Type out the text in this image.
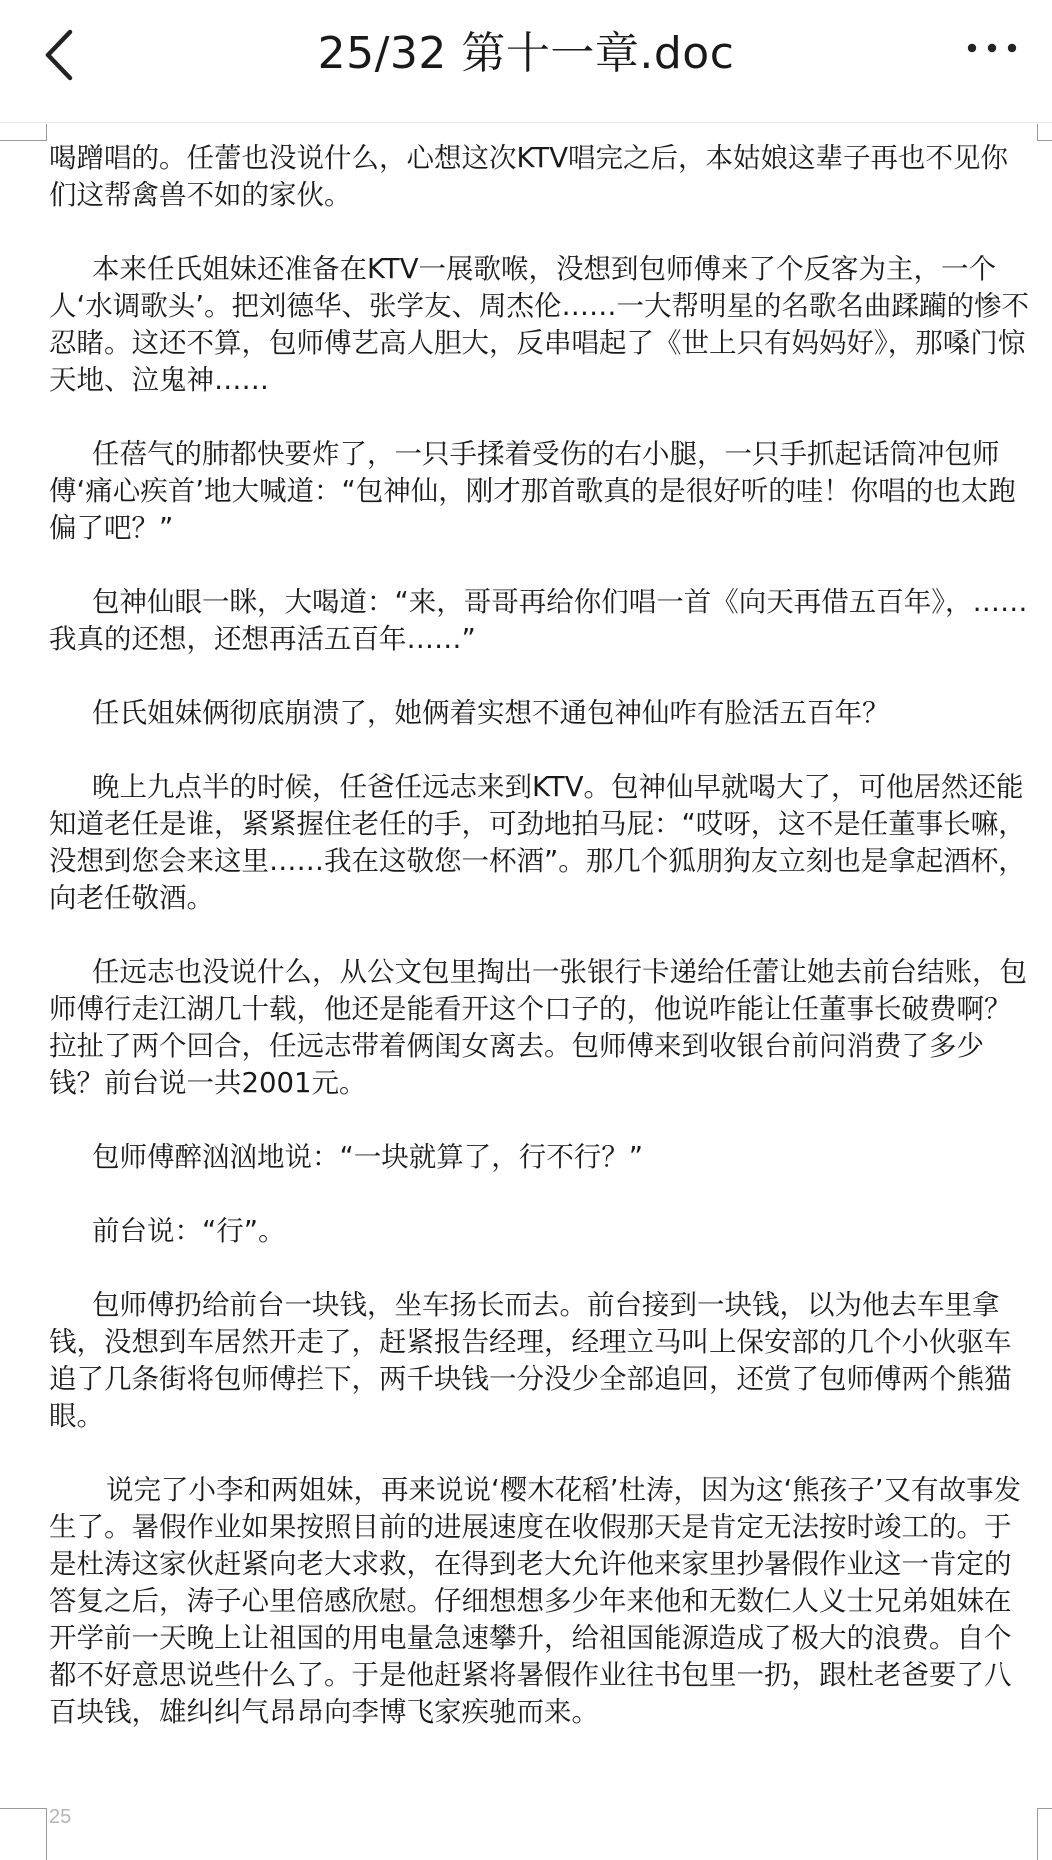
25/32 第十一章.doc

喝蹭唱的。任蕾也没说什么，心想这次KTV唱完之后，本姑娘这辈子再也不见你们这帮禽兽不如的家伙。

本来任氏姐妹还准备在KTV一展歌喉，没想到包师傅来了个反客为主，一个人‘水调歌头’。把刘德华、张学友、周杰伦……一大帮明星的名歌名曲蹂躏的惨不忍睹。这还不算，包师傅艺高人胆大，反串唱起了《世上只有妈妈好》，那嗓门惊天地、泣鬼神……

任蓓气的肺都快要炸了，一只手揉着受伤的右小腿，一只手抓起话筒冲包师傅‘痛心疾首’地大喊道：“包神仙，刚才那首歌真的是很好听的哇！你唱的也太跑偏了吧？”

包神仙眼一眯，大喝道：“来，哥哥再给你们唱一首《向天再借五百年》，……我真的还想，还想再活五百年……”

任氏姐妹俩彻底崩溃了，她俩着实想不通包神仙咋有脸活五百年？

晚上九点半的时候，任爸任远志来到KTV。包神仙早就喝大了，可他居然还能知道老任是谁，紧紧握住老任的手，可劲地拍马屁：“哎呀，这不是任董事长嘛，没想到您会来这里……我在这敬您一杯酒”。那几个狐朋狗友立刻也是拿起酒杯，向老任敬酒。

任远志也没说什么，从公文包里掏出一张银行卡递给任蕾让她去前台结账，包师傅行走江湖几十载，他还是能看开这个口子的，他说咋能让任董事长破费啊？拉扯了两个回合，任远志带着俩闺女离去。包师傅来到收银台前问消费了多少钱？前台说一共2001元。

包师傅醉汹汹地说：“一块就算了，行不行？”

前台说：“行”。

包师傅扔给前台一块钱，坐车扬长而去。前台接到一块钱，以为他去车里拿钱，没想到车居然开走了，赶紧报告经理，经理立马叫上保安部的几个小伙驱车追了几条街将包师傅拦下，两千块钱一分没少全部追回，还赏了包师傅两个熊猫眼。

说完了小李和两姐妹，再来说说‘樱木花稻’杜涛，因为这‘熊孩子’又有故事发生了。暑假作业如果按照目前的进展速度在收假那天是肯定无法按时竣工的。于是杜涛这家伙赶紧向老大求救，在得到老大允许他来家里抄暑假作业这一肯定的答复之后，涛子心里倍感欣慰。仔细想想多少年来他和无数仁人义士兄弟姐妹在开学前一天晚上让祖国的用电量急速攀升，给祖国能源造成了极大的浪费。自个都不好意思说些什么了。于是他赶紧将暑假作业往书包里一扔，跟杜老爸要了八百块钱，雄纠纠气昂昂向李博飞家疾驰而来。

25
